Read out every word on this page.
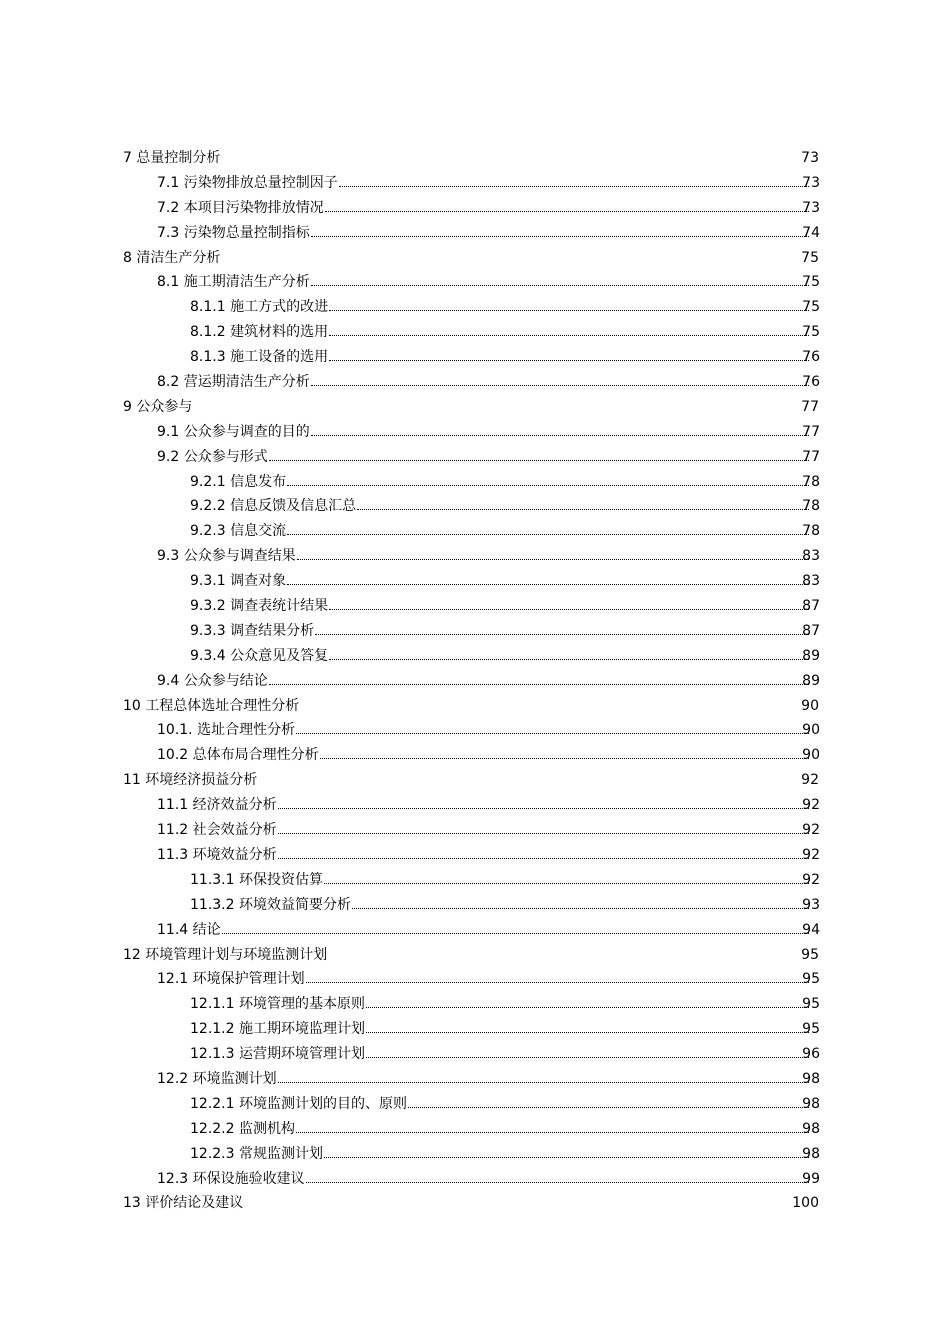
7 总量控制分析	73
7.1 污染物排放总量控制因子	73
7.2 本项目污染物排放情况	73
7.3 污染物总量控制指标	74
8 清洁生产分析	75
8.1 施工期清洁生产分析	75
8.1.1 施工方式的改进	75
8.1.2 建筑材料的选用	75
8.1.3 施工设备的选用	76
8.2 营运期清洁生产分析	76
9 公众参与	77
9.1 公众参与调查的目的	77
9.2 公众参与形式	77
9.2.1 信息发布	78
9.2.2 信息反馈及信息汇总	78
9.2.3 信息交流	78
9.3 公众参与调查结果	83
9.3.1 调查对象	83
9.3.2 调查表统计结果	87
9.3.3 调查结果分析	87
9.3.4 公众意见及答复	89
9.4 公众参与结论	89
10 工程总体选址合理性分析	90
10.1. 选址合理性分析	90
10.2 总体布局合理性分析	90
11 环境经济损益分析	92
11.1 经济效益分析	92
11.2 社会效益分析	92
11.3 环境效益分析	92
11.3.1 环保投资估算	92
11.3.2 环境效益简要分析	93
11.4 结论	94
12 环境管理计划与环境监测计划	95
12.1 环境保护管理计划	95
12.1.1 环境管理的基本原则	95
12.1.2 施工期环境监理计划	95
12.1.3 运营期环境管理计划	96
12.2 环境监测计划	98
12.2.1 环境监测计划的目的、原则	98
12.2.2 监测机构	98
12.2.3 常规监测计划	98
12.3 环保设施验收建议	99
13 评价结论及建议	100
